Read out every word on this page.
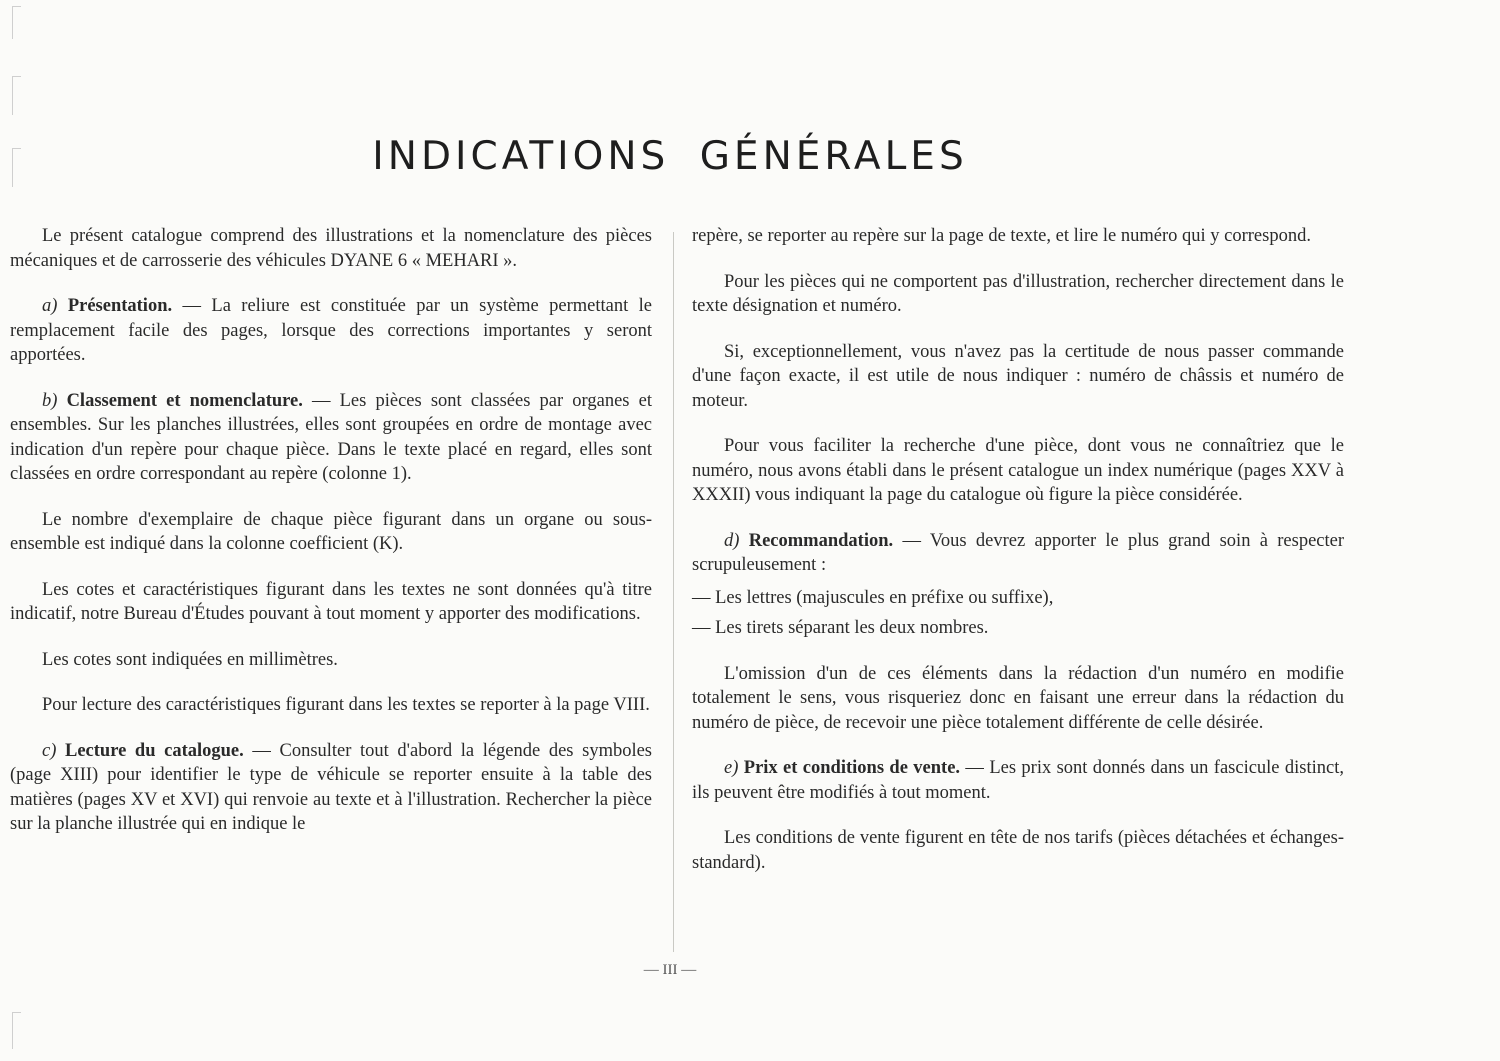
INDICATIONS GÉNÉRALES

Le présent catalogue comprend des illustrations et la nomenclature des pièces mécaniques et de carrosserie des véhicules DYANE 6 « MEHARI ».

a) Présentation. — La reliure est constituée par un système permettant le remplacement facile des pages, lorsque des corrections importantes y seront apportées.

b) Classement et nomenclature. — Les pièces sont classées par organes et ensembles. Sur les planches illustrées, elles sont groupées en ordre de montage avec indication d'un repère pour chaque pièce. Dans le texte placé en regard, elles sont classées en ordre correspondant au repère (colonne 1).

Le nombre d'exemplaire de chaque pièce figurant dans un organe ou sous-ensemble est indiqué dans la colonne coefficient (K).

Les cotes et caractéristiques figurant dans les textes ne sont données qu'à titre indicatif, notre Bureau d'Études pouvant à tout moment y apporter des modifications.

Les cotes sont indiquées en millimètres.

Pour lecture des caractéristiques figurant dans les textes se reporter à la page VIII.

c) Lecture du catalogue. — Consulter tout d'abord la légende des symboles (page XIII) pour identifier le type de véhicule se reporter ensuite à la table des matières (pages XV et XVI) qui renvoie au texte et à l'illustration. Rechercher la pièce sur la planche illustrée qui en indique le

repère, se reporter au repère sur la page de texte, et lire le numéro qui y correspond.

Pour les pièces qui ne comportent pas d'illustration, rechercher directement dans le texte désignation et numéro.

Si, exceptionnellement, vous n'avez pas la certitude de nous passer commande d'une façon exacte, il est utile de nous indiquer : numéro de châssis et numéro de moteur.

Pour vous faciliter la recherche d'une pièce, dont vous ne connaîtriez que le numéro, nous avons établi dans le présent catalogue un index numérique (pages XXV à XXXII) vous indiquant la page du catalogue où figure la pièce considérée.

d) Recommandation. — Vous devrez apporter le plus grand soin à respecter scrupuleusement :

— Les lettres (majuscules en préfixe ou suffixe),

— Les tirets séparant les deux nombres.

L'omission d'un de ces éléments dans la rédaction d'un numéro en modifie totalement le sens, vous risqueriez donc en faisant une erreur dans la rédaction du numéro de pièce, de recevoir une pièce totalement différente de celle désirée.

e) Prix et conditions de vente. — Les prix sont donnés dans un fascicule distinct, ils peuvent être modifiés à tout moment.

Les conditions de vente figurent en tête de nos tarifs (pièces détachées et échanges-standard).

— III —
